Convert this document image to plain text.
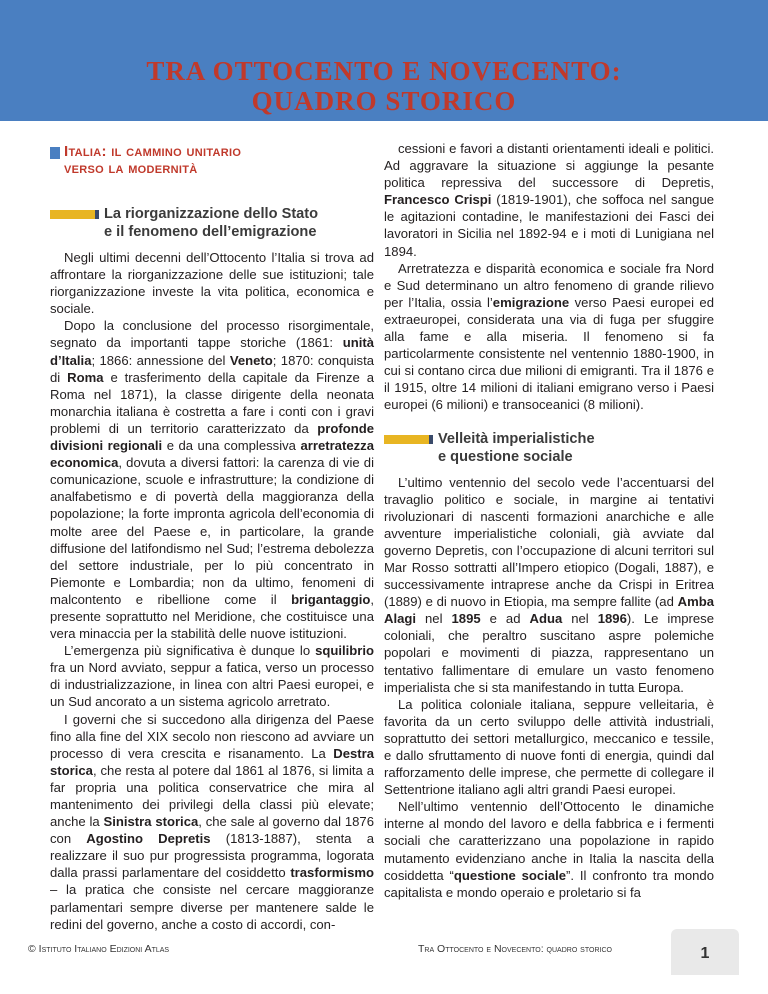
TRA OTTOCENTO E NOVECENTO:
QUADRO STORICO
Italia: il cammino unitario
verso la modernità
La riorganizzazione dello Stato
e il fenomeno dell’emigrazione

Negli ultimi decenni dell’Ottocento l’Italia si trova ad affrontare la riorganizzazione delle sue istituzioni; tale riorganizzazione investe la vita politica, economica e sociale.

Dopo la conclusione del processo risorgimentale, segnato da importanti tappe storiche (1861: unità d’Italia; 1866: annessione del Veneto; 1870: conquista di Roma e trasferimento della capitale da Firenze a Roma nel 1871), la classe dirigente della neonata monarchia italiana è costretta a fare i conti con i gravi problemi di un territorio caratterizzato da profonde divisioni regionali e da una complessiva arretratezza economica, dovuta a diversi fattori: la carenza di vie di comunicazione, scuole e infrastrutture; la condizione di analfabetismo e di povertà della maggioranza della popolazione; la forte impronta agricola dell’economia di molte aree del Paese e, in particolare, la grande diffusione del latifondismo nel Sud; l’estrema debolezza del settore industriale, per lo più concentrato in Piemonte e Lombardia; non da ultimo, fenomeni di malcontento e ribellione come il brigantaggio, presente soprattutto nel Meridione, che costituisce una vera minaccia per la stabilità delle nuove istituzioni.

L’emergenza più significativa è dunque lo squilibrio fra un Nord avviato, seppur a fatica, verso un processo di industrializzazione, in linea con altri Paesi europei, e un Sud ancorato a un sistema agricolo arretrato.

I governi che si succedono alla dirigenza del Paese fino alla fine del XIX secolo non riescono ad avviare un processo di vera crescita e risanamento. La Destra storica, che resta al potere dal 1861 al 1876, si limita a far propria una politica conservatrice che mira al mantenimento dei privilegi della classi più elevate; anche la Sinistra storica, che sale al governo dal 1876 con Agostino Depretis (1813-1887), stenta a realizzare il suo pur progressista programma, logorata dalla prassi parlamentare del cosiddetto trasformismo – la pratica che consiste nel cercare maggioranze parlamentari sempre diverse per mantenere salde le redini del governo, anche a costo di accordi, con-

cessioni e favori a distanti orientamenti ideali e politici. Ad aggravare la situazione si aggiunge la pesante politica repressiva del successore di Depretis, Francesco Crispi (1819-1901), che soffoca nel sangue le agitazioni contadine, le manifestazioni dei Fasci dei lavoratori in Sicilia nel 1892-94 e i moti di Lunigiana nel 1894.

Arretratezza e disparità economica e sociale fra Nord e Sud determinano un altro fenomeno di grande rilievo per l’Italia, ossia l’emigrazione verso Paesi europei ed extraeuropei, considerata una via di fuga per sfuggire alla fame e alla miseria. Il fenomeno si fa particolarmente consistente nel ventennio 1880-1900, in cui si contano circa due milioni di emigranti. Tra il 1876 e il 1915, oltre 14 milioni di italiani emigrano verso i Paesi europei (6 milioni) e transoceanici (8 milioni).

Velleità imperialistiche
e questione sociale

L’ultimo ventennio del secolo vede l’accentuarsi del travaglio politico e sociale, in margine ai tentativi rivoluzionari di nascenti formazioni anarchiche e alle avventure imperialistiche coloniali, già avviate dal governo Depretis, con l’occupazione di alcuni territori sul Mar Rosso sottratti all’Impero etiopico (Dogali, 1887), e successivamente intraprese anche da Crispi in Eritrea (1889) e di nuovo in Etiopia, ma sempre fallite (ad Amba Alagi nel 1895 e ad Adua nel 1896). Le imprese coloniali, che peraltro suscitano aspre polemiche popolari e movimenti di piazza, rappresentano un tentativo fallimentare di emulare un vasto fenomeno imperialista che si sta manifestando in tutta Europa.

La politica coloniale italiana, seppure velleitaria, è favorita da un certo sviluppo delle attività industriali, soprattutto dei settori metallurgico, meccanico e tessile, e dallo sfruttamento di nuove fonti di energia, quindi dal rafforzamento delle imprese, che permette di collegare il Settentrione italiano agli altri grandi Paesi europei.

Nell’ultimo ventennio dell’Ottocento le dinamiche interne al mondo del lavoro e della fabbrica e i fermenti sociali che caratterizzano una popolazione in rapido mutamento evidenziano anche in Italia la nascita della cosiddetta “questione sociale”. Il confronto tra mondo capitalista e mondo operaio e proletario si fa

© Istituto Italiano Edizioni Atlas	Tra Ottocento e Novecento: quadro storico	1
